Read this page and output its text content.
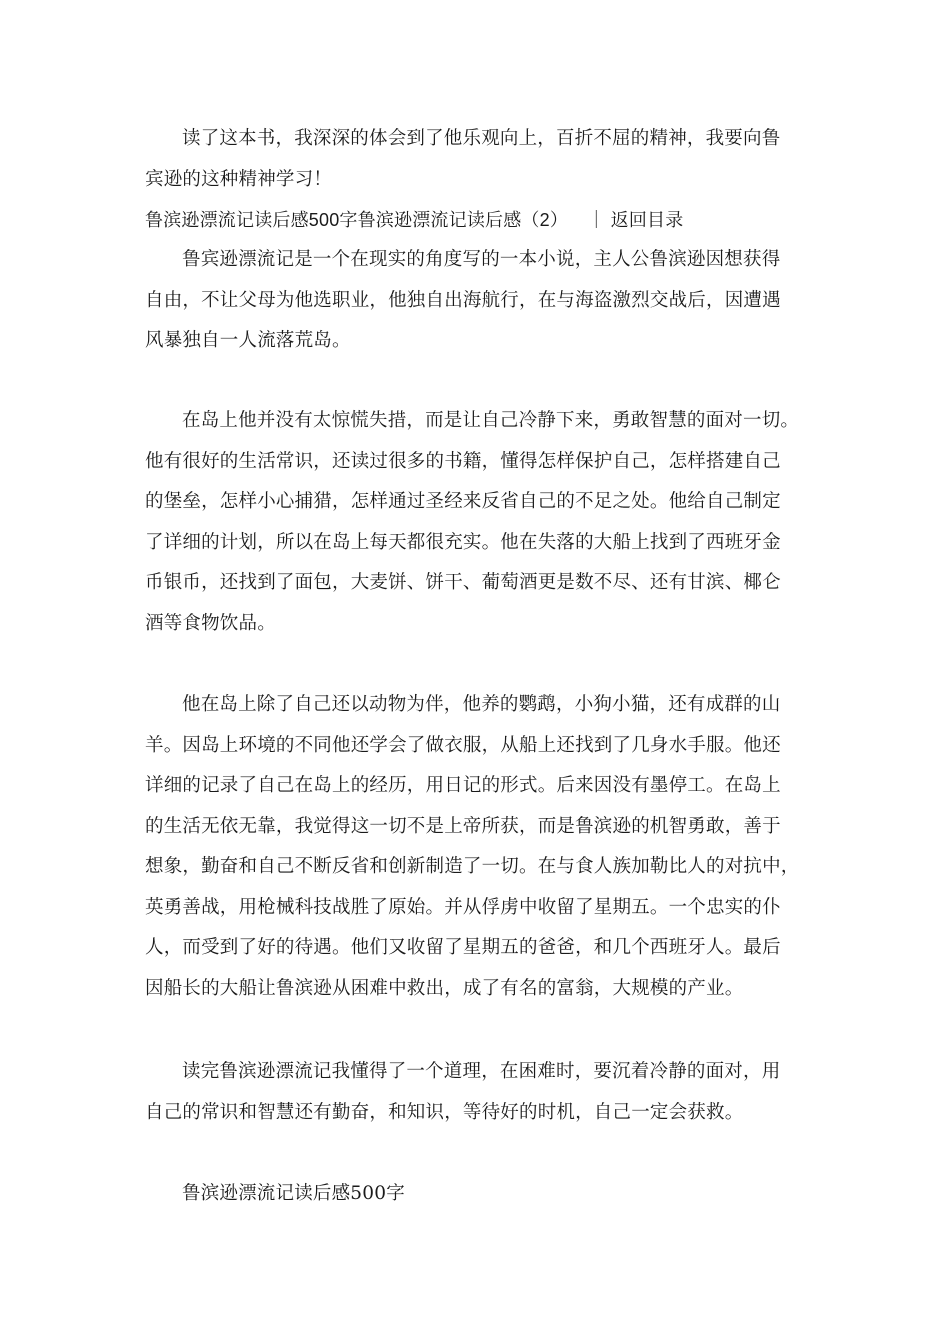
读了这本书，我深深的体会到了他乐观向上，百折不屈的精神，我要向鲁
宾逊的这种精神学习！
鲁滨逊漂流记读后感500字鲁滨逊漂流记读后感（2） ｜ 返回目录
鲁宾逊漂流记是一个在现实的角度写的一本小说，主人公鲁滨逊因想获得
自由，不让父母为他选职业，他独自出海航行，在与海盗激烈交战后，因遭遇
风暴独自一人流落荒岛。
在岛上他并没有太惊慌失措，而是让自己冷静下来，勇敢智慧的面对一切。
他有很好的生活常识，还读过很多的书籍，懂得怎样保护自己，怎样搭建自己
的堡垒，怎样小心捕猎，怎样通过圣经来反省自己的不足之处。他给自己制定
了详细的计划，所以在岛上每天都很充实。他在失落的大船上找到了西班牙金
币银币，还找到了面包，大麦饼、饼干、葡萄酒更是数不尽、还有甘滨、椰仑
酒等食物饮品。
他在岛上除了自己还以动物为伴，他养的鹦鹉，小狗小猫，还有成群的山
羊。因岛上环境的不同他还学会了做衣服，从船上还找到了几身水手服。他还
详细的记录了自己在岛上的经历，用日记的形式。后来因没有墨停工。在岛上
的生活无依无靠，我觉得这一切不是上帝所获，而是鲁滨逊的机智勇敢，善于
想象，勤奋和自己不断反省和创新制造了一切。在与食人族加勒比人的对抗中，
英勇善战，用枪械科技战胜了原始。并从俘虏中收留了星期五。一个忠实的仆
人，而受到了好的待遇。他们又收留了星期五的爸爸，和几个西班牙人。最后
因船长的大船让鲁滨逊从困难中救出，成了有名的富翁，大规模的产业。
读完鲁滨逊漂流记我懂得了一个道理，在困难时，要沉着冷静的面对，用
自己的常识和智慧还有勤奋，和知识，等待好的时机，自己一定会获救。
鲁滨逊漂流记读后感500字
